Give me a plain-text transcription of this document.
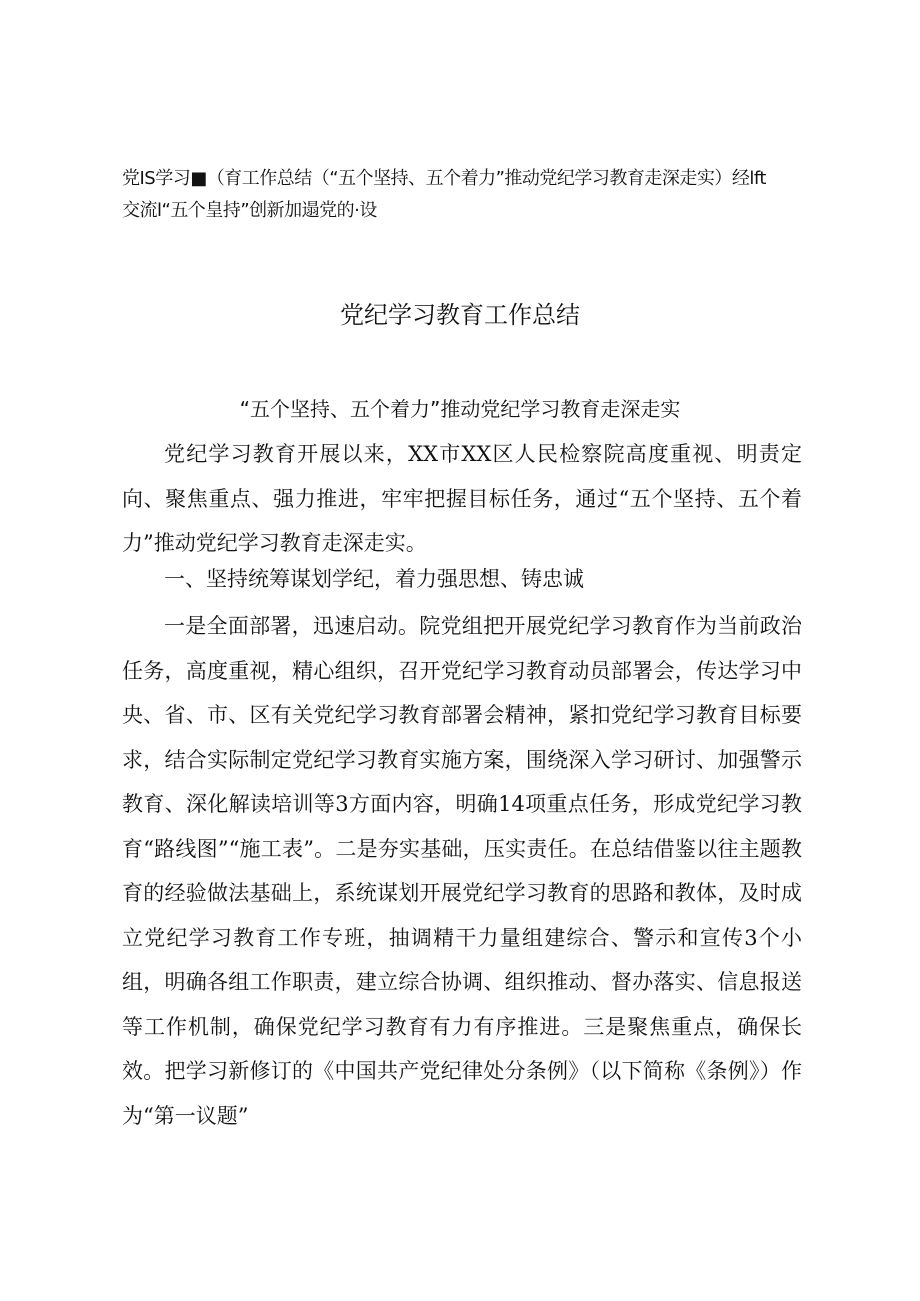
党IS学习■（育工作总结（“五个坚持、五个着力”推动党纪学习教育走深走实）经lft
交流l“五个皇持”创新加遢党的·设
党纪学习教育工作总结
“五个坚持、五个着力”推动党纪学习教育走深走实

党纪学习教育开展以来，XX市XX区人民检察院高度重视、明责定向、聚焦重点、强力推进，牢牢把握目标任务，通过“五个坚持、五个着力”推动党纪学习教育走深走实。

一、坚持统筹谋划学纪，着力强思想、铸忠诚

一是全面部署，迅速启动。院党组把开展党纪学习教育作为当前政治任务，高度重视，精心组织，召开党纪学习教育动员部署会，传达学习中央、省、市、区有关党纪学习教育部署会精神，紧扣党纪学习教育目标要求，结合实际制定党纪学习教育实施方案，围绕深入学习研讨、加强警示教育、深化解读培训等3方面内容，明确14项重点任务，形成党纪学习教育“路线图”“施工表”。二是夯实基础，压实责任。在总结借鉴以往主题教育的经验做法基础上，系统谋划开展党纪学习教育的思路和教体，及时成立党纪学习教育工作专班，抽调精干力量组建综合、警示和宣传3个小组，明确各组工作职责，建立综合协调、组织推动、督办落实、信息报送等工作机制，确保党纪学习教育有力有序推进。三是聚焦重点，确保长效。把学习新修订的《中国共产党纪律处分条例》（以下简称《条例》）作为“第一议题”
